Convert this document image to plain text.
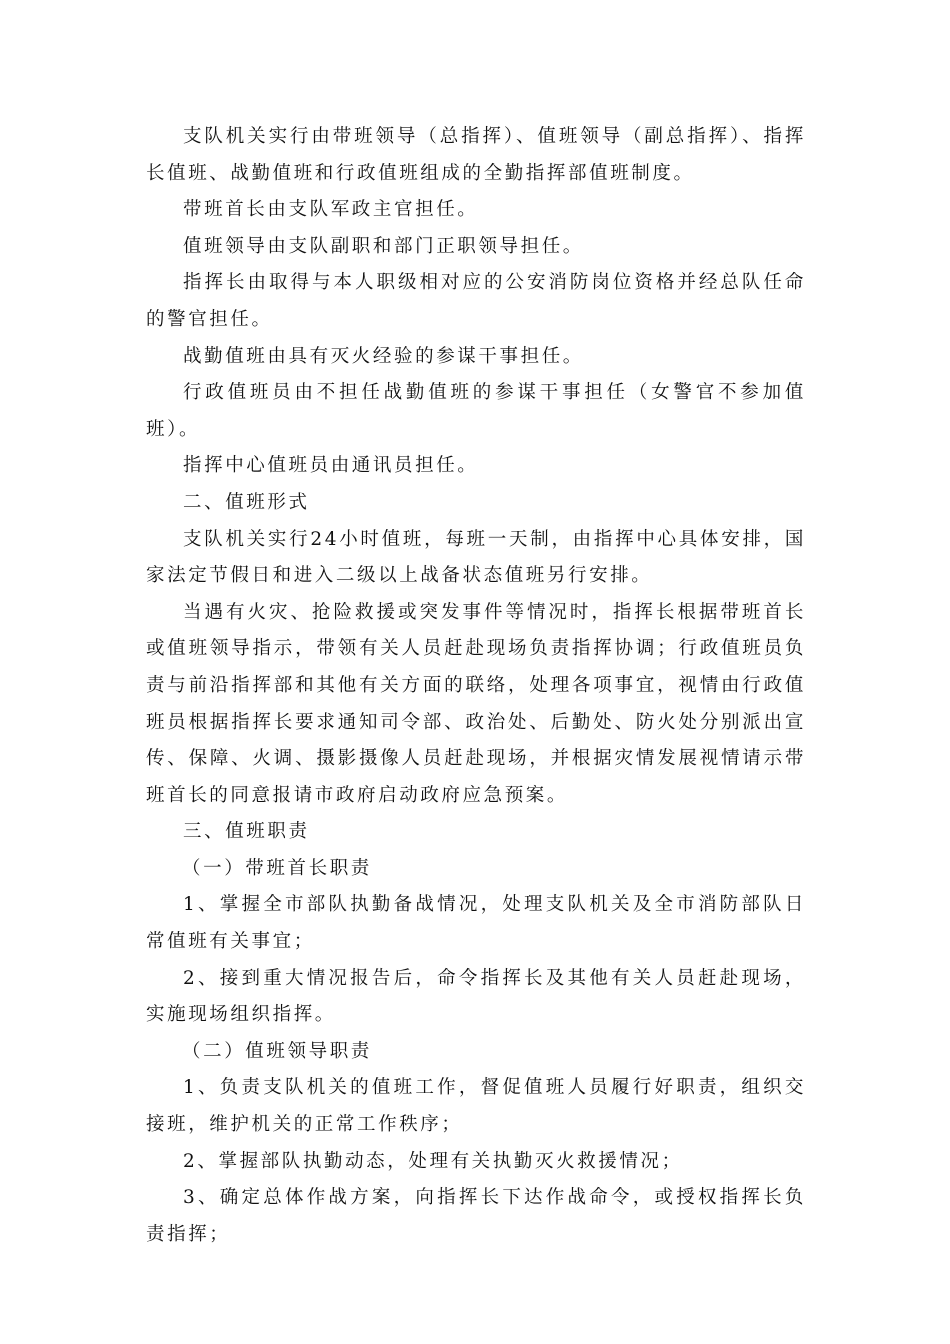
支队机关实行由带班领导（总指挥）、值班领导（副总指挥）、指挥长值班、战勤值班和行政值班组成的全勤指挥部值班制度。

带班首长由支队军政主官担任。

值班领导由支队副职和部门正职领导担任。

指挥长由取得与本人职级相对应的公安消防岗位资格并经总队任命的警官担任。

战勤值班由具有灭火经验的参谋干事担任。

行政值班员由不担任战勤值班的参谋干事担任（女警官不参加值班）。

指挥中心值班员由通讯员担任。

二、值班形式

支队机关实行24小时值班，每班一天制，由指挥中心具体安排，国家法定节假日和进入二级以上战备状态值班另行安排。

当遇有火灾、抢险救援或突发事件等情况时，指挥长根据带班首长或值班领导指示，带领有关人员赶赴现场负责指挥协调；行政值班员负责与前沿指挥部和其他有关方面的联络，处理各项事宜，视情由行政值班员根据指挥长要求通知司令部、政治处、后勤处、防火处分别派出宣传、保障、火调、摄影摄像人员赶赴现场，并根据灾情发展视情请示带班首长的同意报请市政府启动政府应急预案。

三、值班职责

（一）带班首长职责

1、掌握全市部队执勤备战情况，处理支队机关及全市消防部队日常值班有关事宜；

2、接到重大情况报告后，命令指挥长及其他有关人员赶赴现场，实施现场组织指挥。

（二）值班领导职责

1、负责支队机关的值班工作，督促值班人员履行好职责，组织交接班，维护机关的正常工作秩序；

2、掌握部队执勤动态，处理有关执勤灭火救援情况；

3、确定总体作战方案，向指挥长下达作战命令，或授权指挥长负责指挥；
